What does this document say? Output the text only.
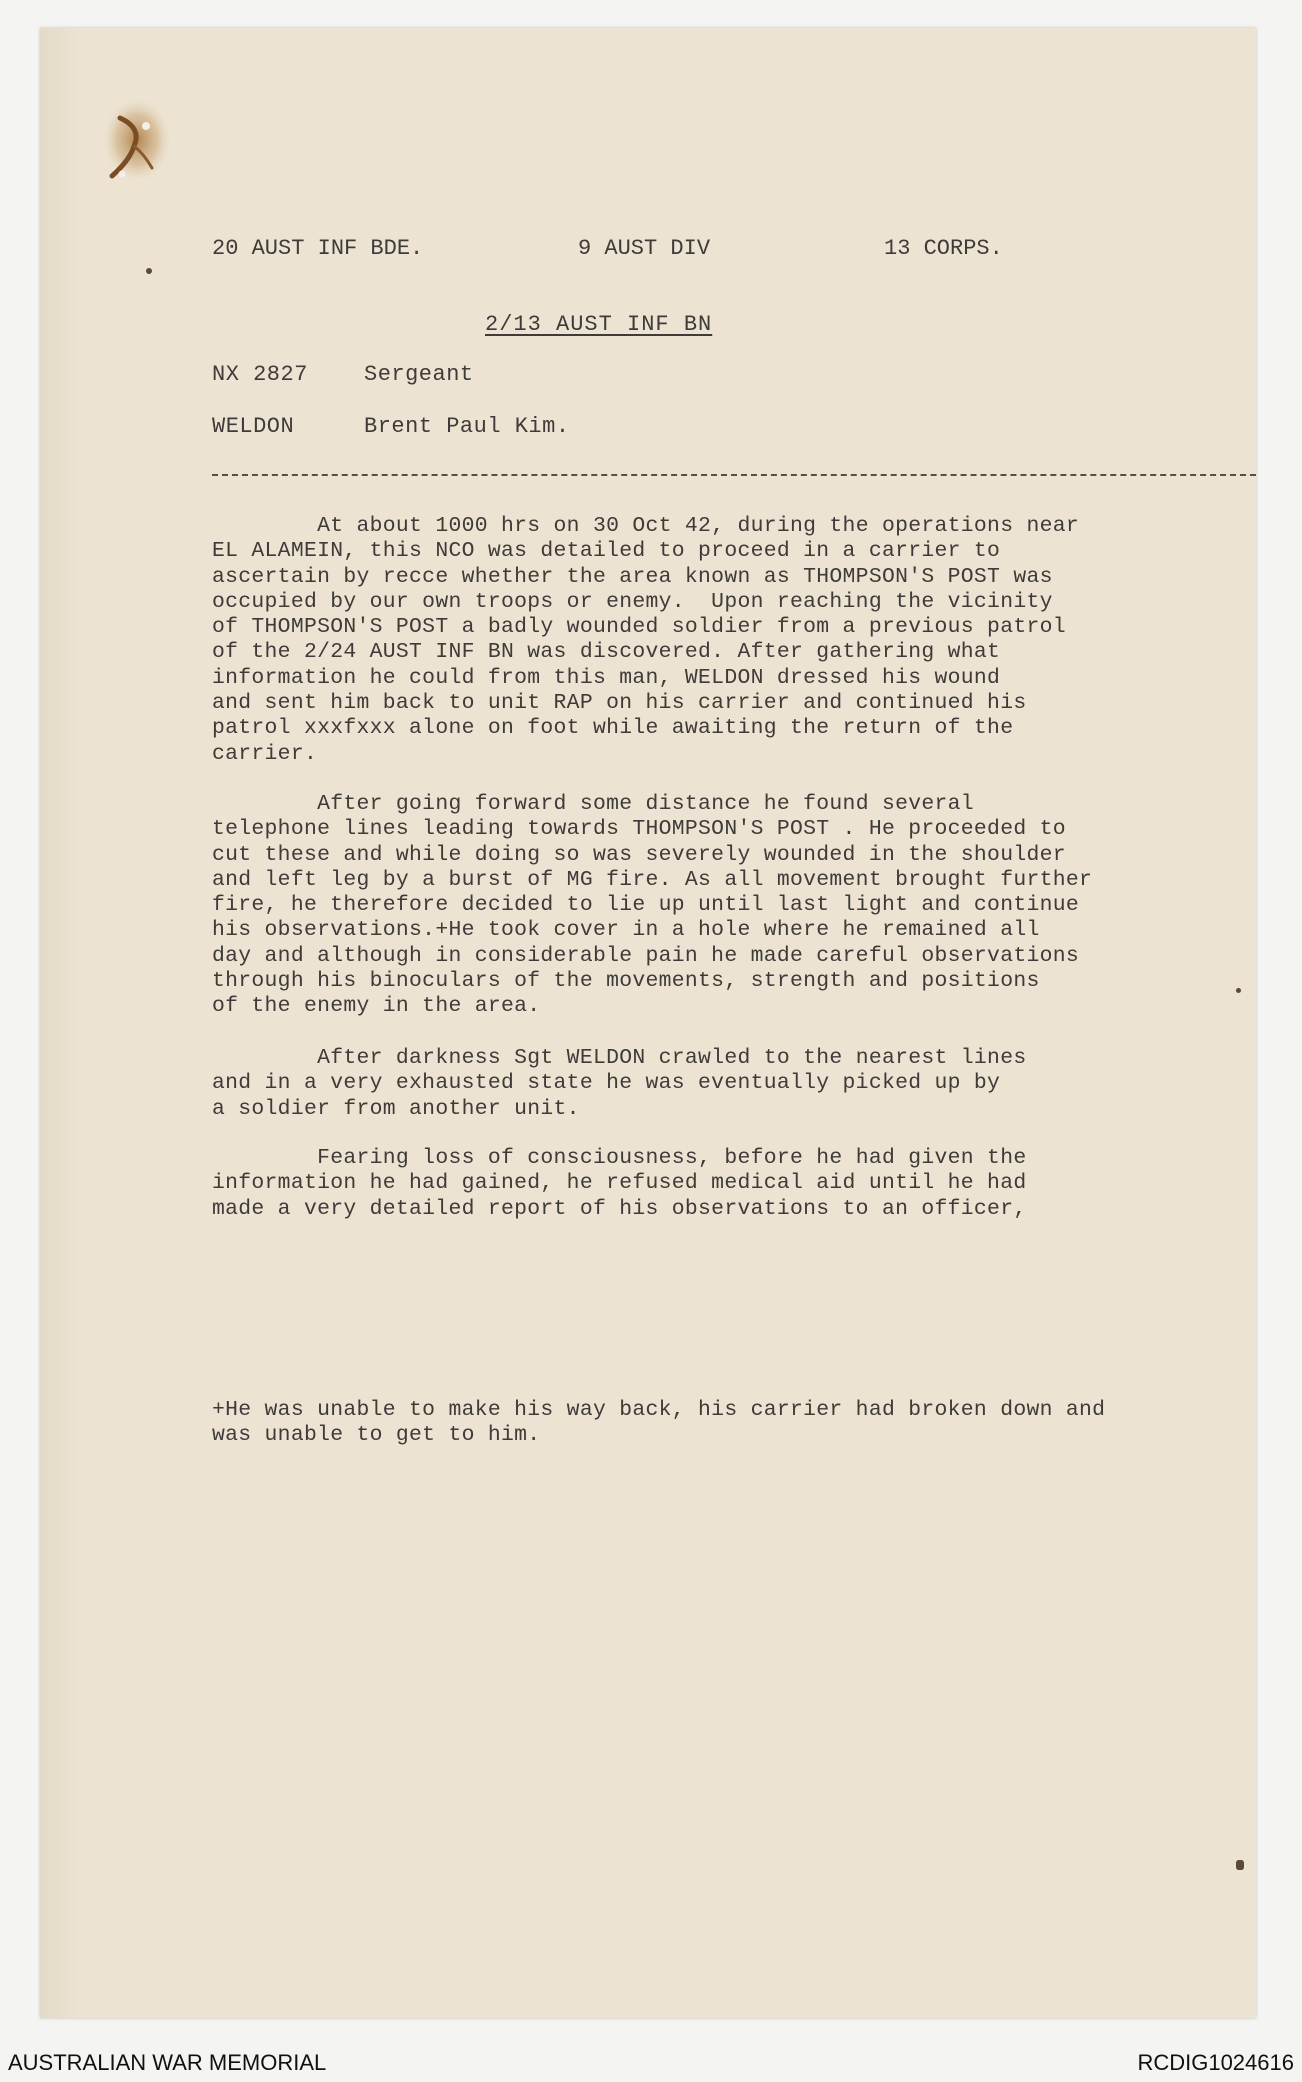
20 AUST INF BDE.	9 AUST DIV	13 CORPS.
2/13 AUST INF BN
NX 2827	Sergeant
WELDON	Brent Paul Kim.

At about 1000 hrs on 30 Oct 42, during the operations near
EL ALAMEIN, this NCO was detailed to proceed in a carrier to
ascertain by recce whether the area known as THOMPSON'S POST was
occupied by our own troops or enemy.  Upon reaching the vicinity
of THOMPSON'S POST a badly wounded soldier from a previous patrol
of the 2/24 AUST INF BN was discovered. After gathering what
information he could from this man, WELDON dressed his wound
and sent him back to unit RAP on his carrier and continued his
patrol xxxfxxx alone on foot while awaiting the return of the
carrier.

After going forward some distance he found several
telephone lines leading towards THOMPSON'S POST . He proceeded to
cut these and while doing so was severely wounded in the shoulder
and left leg by a burst of MG fire. As all movement brought further
fire, he therefore decided to lie up until last light and continue
his observations.+He took cover in a hole where he remained all
day and although in considerable pain he made careful observations
through his binoculars of the movements, strength and positions
of the enemy in the area.

After darkness Sgt WELDON crawled to the nearest lines
and in a very exhausted state he was eventually picked up by
a soldier from another unit.

Fearing loss of consciousness, before he had given the
information he had gained, he refused medical aid until he had
made a very detailed report of his observations to an officer,

+He was unable to make his way back, his carrier had broken down and
was unable to get to him.

AUSTRALIAN WAR MEMORIAL	RCDIG1024616
